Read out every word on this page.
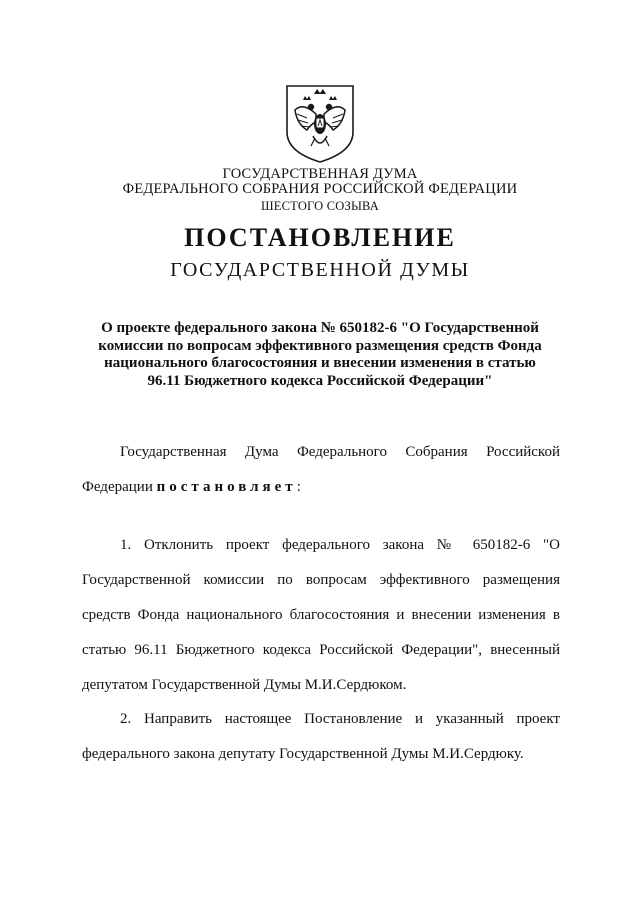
ГОСУДАРСТВЕННАЯ ДУМА
ФЕДЕРАЛЬНОГО СОБРАНИЯ РОССИЙСКОЙ ФЕДЕРАЦИИ
ШЕСТОГО СОЗЫВА
ПОСТАНОВЛЕНИЕ
ГОСУДАРСТВЕННОЙ ДУМЫ
О проекте федерального закона № 650182-6 "О Государственной комиссии по вопросам эффективного размещения средств Фонда национального благосостояния и внесении изменения в статью 96.11 Бюджетного кодекса Российской Федерации"
Государственная Дума Федерального Собрания Российской Федерации постановляет:
1. Отклонить проект федерального закона № 650182-6 "О Государственной комиссии по вопросам эффективного размещения средств Фонда национального благосостояния и внесении изменения в статью 96.11 Бюджетного кодекса Российской Федерации", внесенный депутатом Государственной Думы М.И.Сердюком.
2. Направить настоящее Постановление и указанный проект федерального закона депутату Государственной Думы М.И.Сердюку.
